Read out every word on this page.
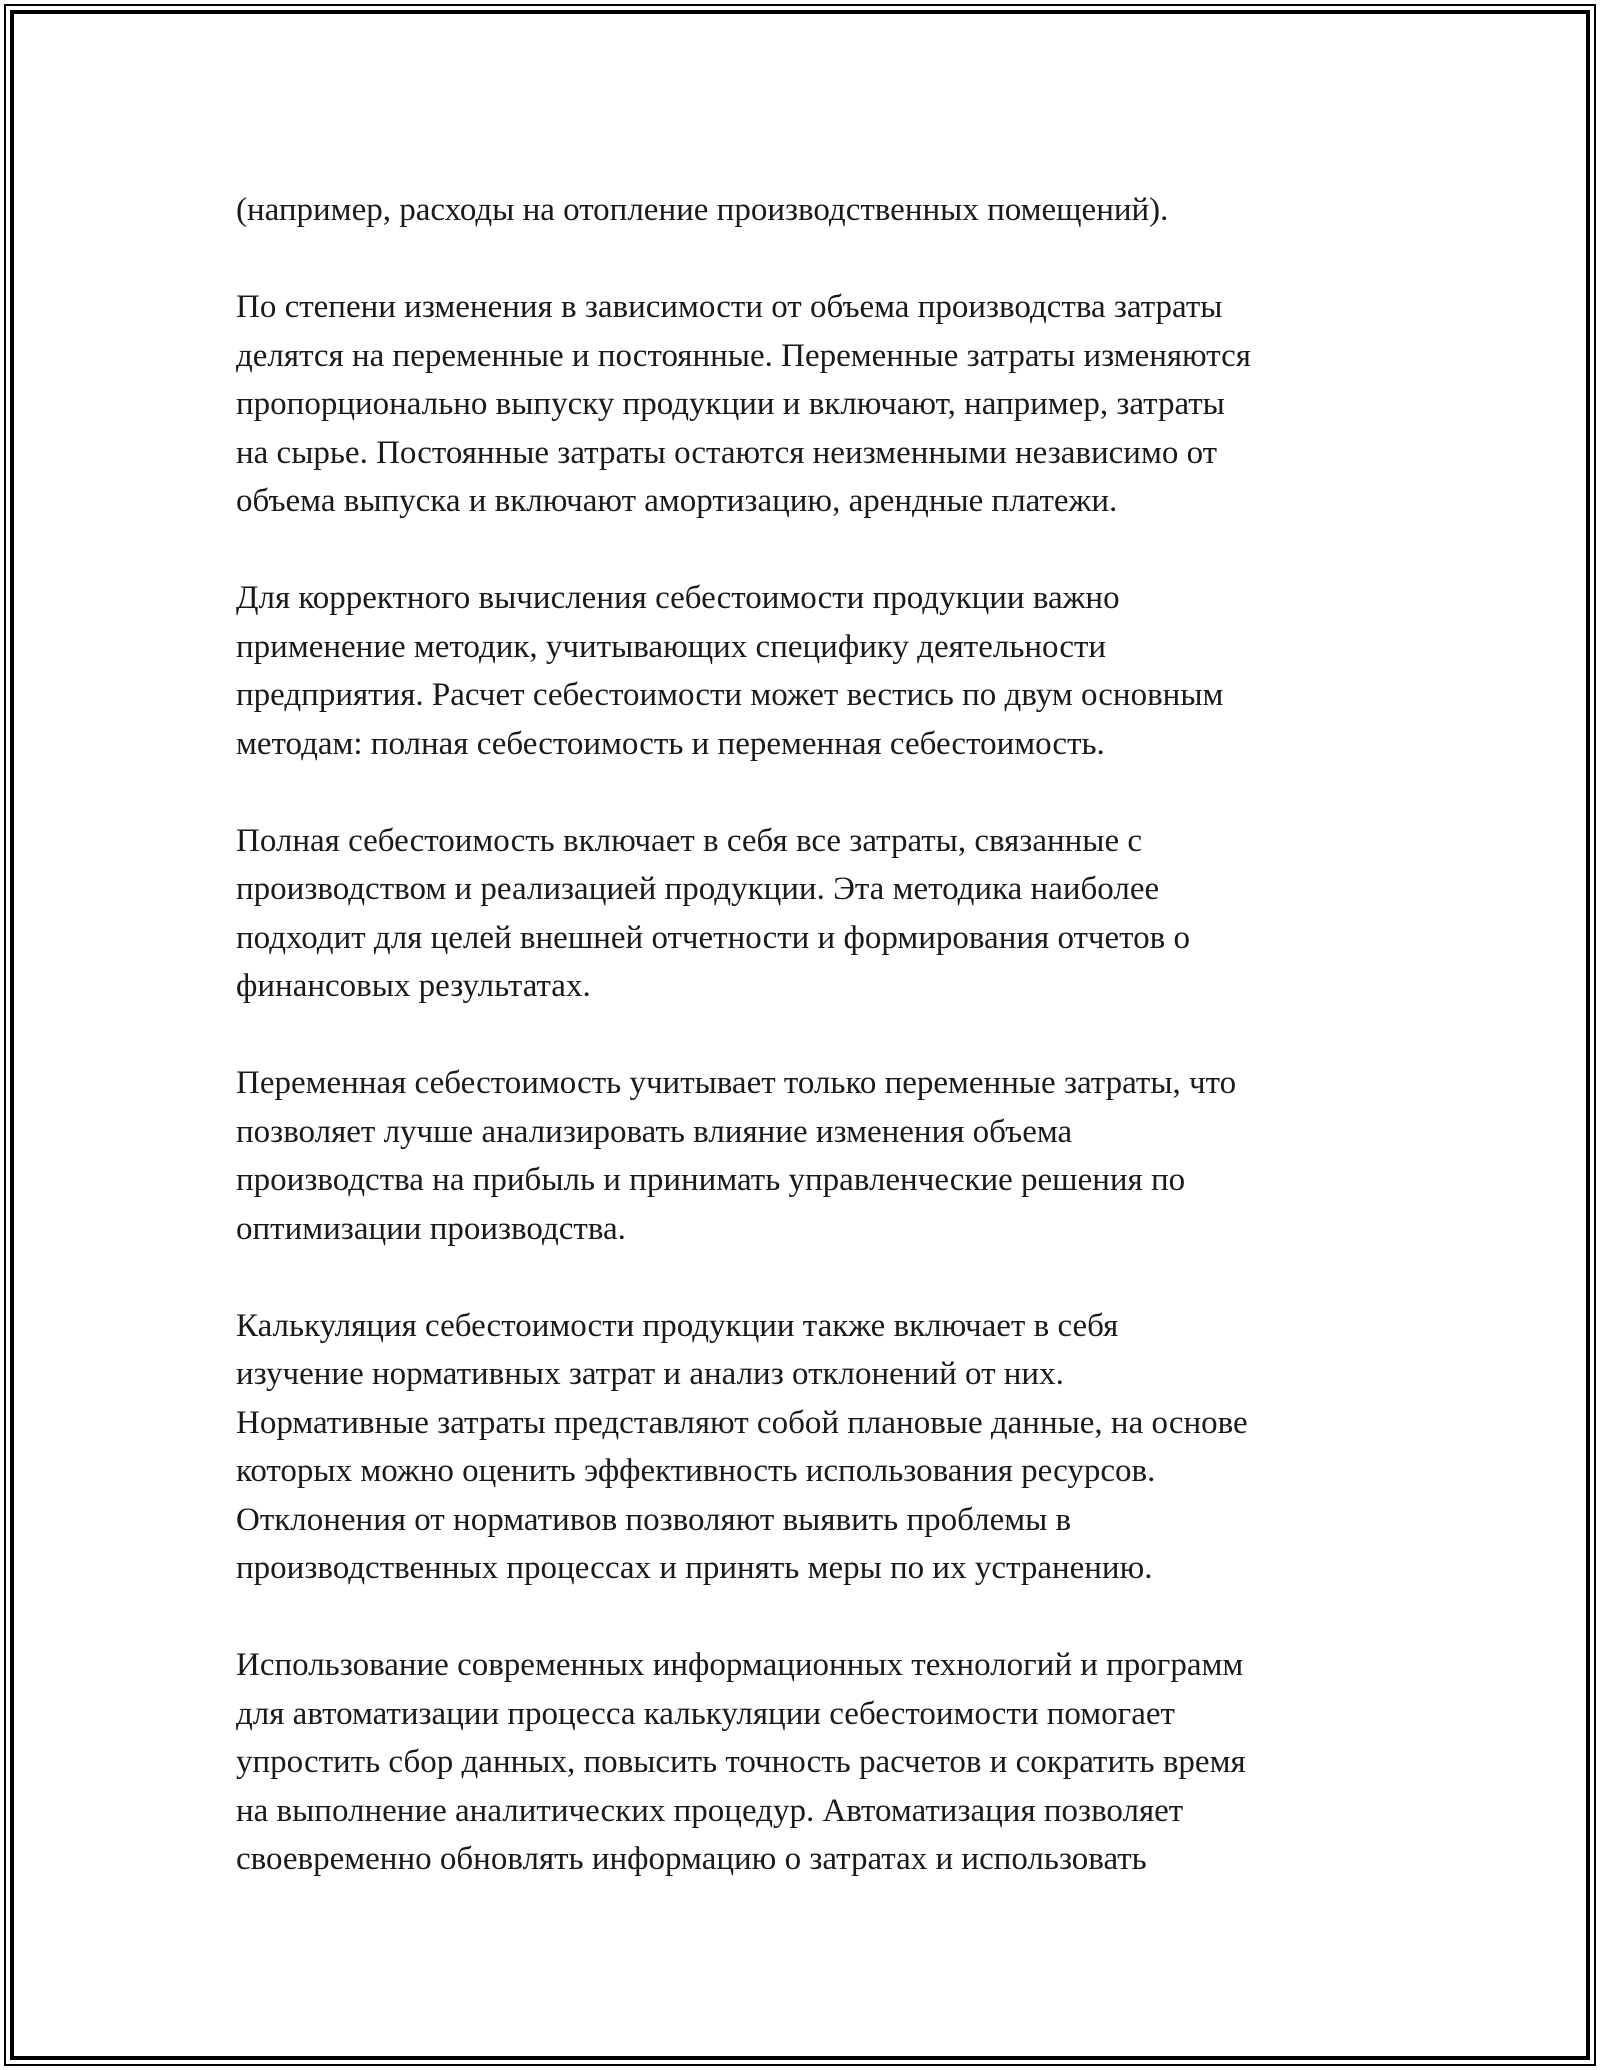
(например, расходы на отопление производственных помещений).

По степени изменения в зависимости от объема производства затраты
делятся на переменные и постоянные. Переменные затраты изменяются
пропорционально выпуску продукции и включают, например, затраты
на сырье. Постоянные затраты остаются неизменными независимо от
объема выпуска и включают амортизацию, арендные платежи.

Для корректного вычисления себестоимости продукции важно
применение методик, учитывающих специфику деятельности
предприятия. Расчет себестоимости может вестись по двум основным
методам: полная себестоимость и переменная себестоимость.

Полная себестоимость включает в себя все затраты, связанные с
производством и реализацией продукции. Эта методика наиболее
подходит для целей внешней отчетности и формирования отчетов о
финансовых результатах.

Переменная себестоимость учитывает только переменные затраты, что
позволяет лучше анализировать влияние изменения объема
производства на прибыль и принимать управленческие решения по
оптимизации производства.

Калькуляция себестоимости продукции также включает в себя
изучение нормативных затрат и анализ отклонений от них.
Нормативные затраты представляют собой плановые данные, на основе
которых можно оценить эффективность использования ресурсов.
Отклонения от нормативов позволяют выявить проблемы в
производственных процессах и принять меры по их устранению.

Использование современных информационных технологий и программ
для автоматизации процесса калькуляции себестоимости помогает
упростить сбор данных, повысить точность расчетов и сократить время
на выполнение аналитических процедур. Автоматизация позволяет
своевременно обновлять информацию о затратах и использовать
